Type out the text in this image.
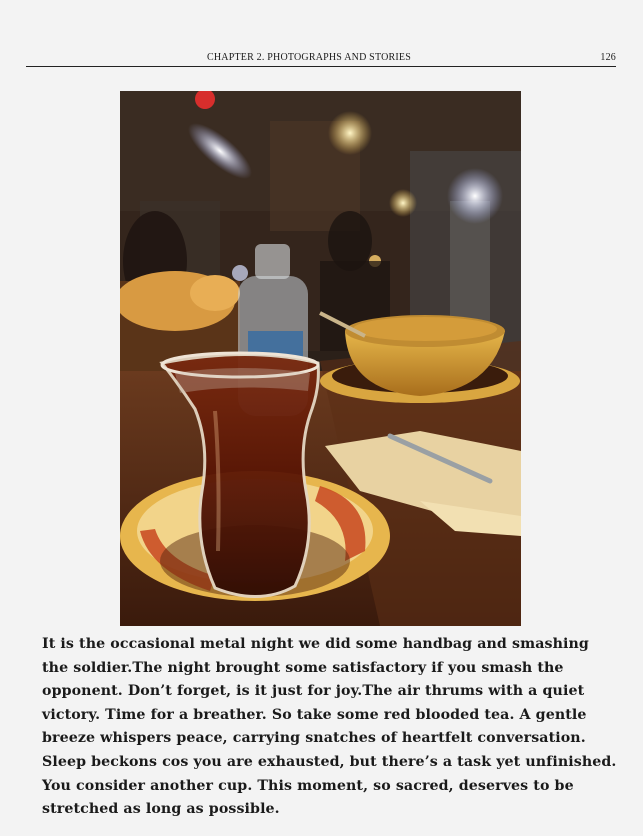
CHAPTER 2. PHOTOGRAPHS AND STORIES	126

It is the occasional metal night we did some handbag and smashing the soldier.The night brought some satisfactory if you smash the opponent. Don’t forget, is it just for joy.The air thrums with a quiet victory. Time for a breather. So take some red blooded tea. A gentle breeze whispers peace, carrying snatches of heartfelt conversation. Sleep beckons cos you are exhausted, but there’s a task yet unfinished. You consider another cup. This moment, so sacred, deserves to be stretched as long as possible.
